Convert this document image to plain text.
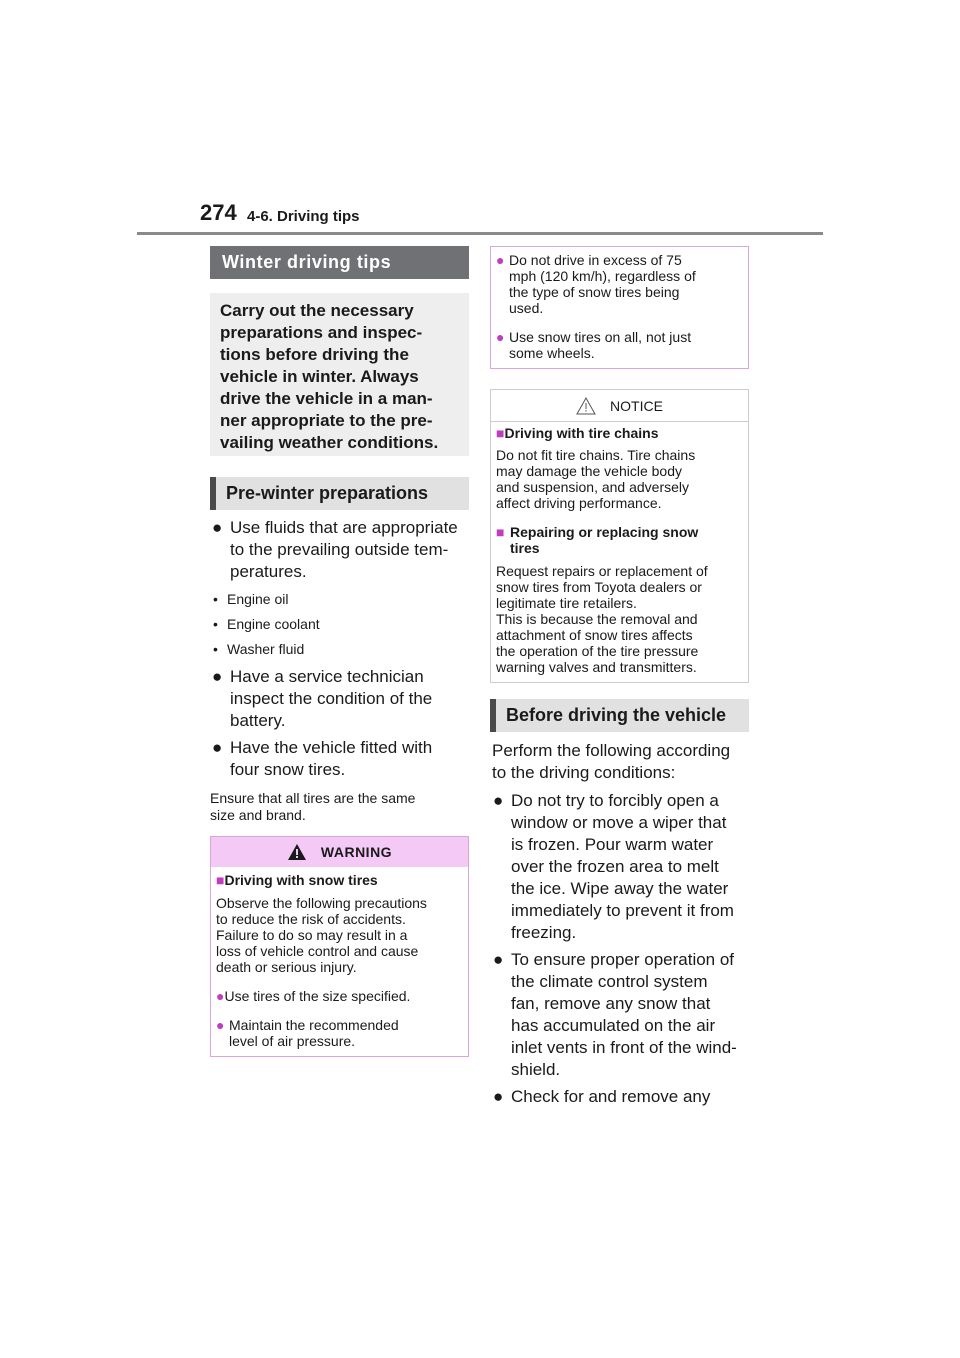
274 4-6. Driving tips
Winter driving tips
Carry out the necessary
preparations and inspec-
tions before driving the
vehicle in winter. Always
drive the vehicle in a man-
ner appropriate to the pre-
vailing weather conditions.
Pre-winter preparations
● Use fluids that are appropriate
to the prevailing outside tem-
peratures.
• Engine oil
• Engine coolant
• Washer fluid
● Have a service technician
inspect the condition of the
battery.
● Have the vehicle fitted with
four snow tires.
Ensure that all tires are the same
size and brand.
WARNING
■Driving with snow tires
Observe the following precautions
to reduce the risk of accidents.
Failure to do so may result in a
loss of vehicle control and cause
death or serious injury.
●Use tires of the size specified.
● Maintain the recommended
level of air pressure.
● Do not drive in excess of 75
mph (120 km/h), regardless of
the type of snow tires being
used.
● Use snow tires on all, not just
some wheels.
NOTICE
■Driving with tire chains
Do not fit tire chains. Tire chains
may damage the vehicle body
and suspension, and adversely
affect driving performance.
■ Repairing or replacing snow
tires
Request repairs or replacement of
snow tires from Toyota dealers or
legitimate tire retailers.
This is because the removal and
attachment of snow tires affects
the operation of the tire pressure
warning valves and transmitters.
Before driving the vehicle
Perform the following according
to the driving conditions:
● Do not try to forcibly open a
window or move a wiper that
is frozen. Pour warm water
over the frozen area to melt
the ice. Wipe away the water
immediately to prevent it from
freezing.
● To ensure proper operation of
the climate control system
fan, remove any snow that
has accumulated on the air
inlet vents in front of the wind-
shield.
● Check for and remove any
